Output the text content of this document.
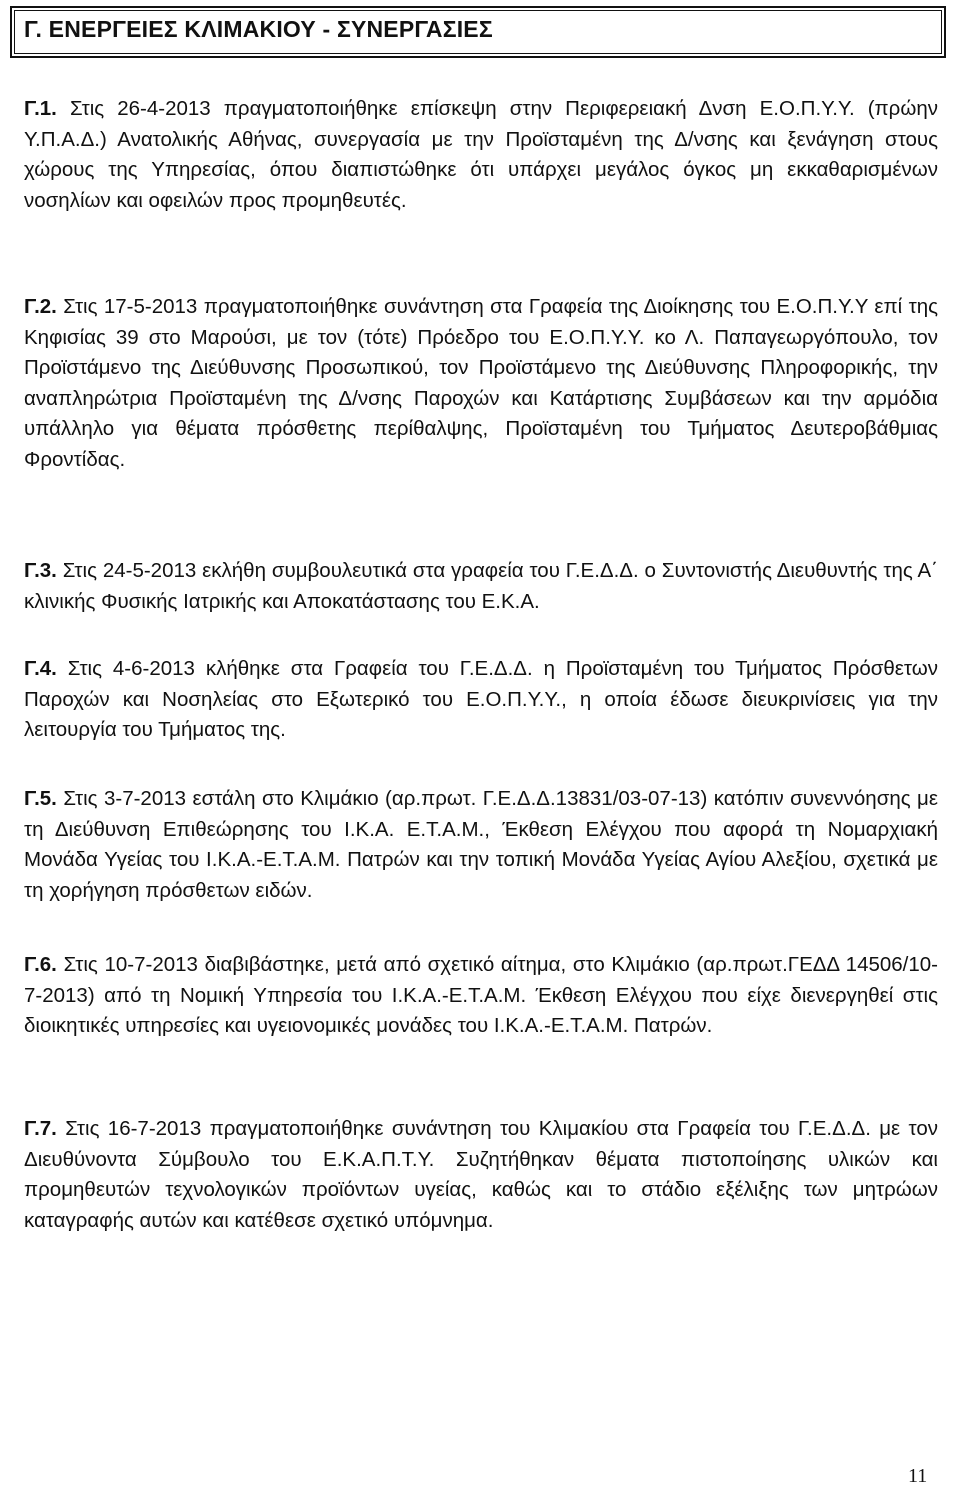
Γ. ΕΝΕΡΓΕΙΕΣ ΚΛΙΜΑΚΙΟΥ - ΣΥΝΕΡΓΑΣΙΕΣ
Γ.1. Στις 26-4-2013 πραγματοποιήθηκε επίσκεψη στην Περιφερειακή Δνση Ε.Ο.Π.Υ.Υ. (πρώην Υ.Π.Α.Δ.) Ανατολικής Αθήνας, συνεργασία με την Προϊσταμένη της Δ/νσης και ξενάγηση στους χώρους της Υπηρεσίας, όπου διαπιστώθηκε ότι υπάρχει μεγάλος όγκος μη εκκαθαρισμένων νοσηλίων και οφειλών προς προμηθευτές.
Γ.2. Στις 17-5-2013 πραγματοποιήθηκε συνάντηση στα Γραφεία της Διοίκησης του Ε.Ο.Π.Υ.Υ επί της Κηφισίας 39 στο Μαρούσι, με τον (τότε) Πρόεδρο του Ε.Ο.Π.Υ.Υ. κο Λ. Παπαγεωργόπουλο, τον Προϊστάμενο της Διεύθυνσης Προσωπικού, τον Προϊστάμενο της Διεύθυνσης Πληροφορικής, την αναπληρώτρια Προϊσταμένη της Δ/νσης Παροχών και Κατάρτισης Συμβάσεων και την αρμόδια υπάλληλο για θέματα πρόσθετης περίθαλψης, Προϊσταμένη του Τμήματος Δευτεροβάθμιας Φροντίδας.
Γ.3. Στις 24-5-2013 εκλήθη συμβουλευτικά στα γραφεία του Γ.Ε.Δ.Δ. ο Συντονιστής Διευθυντής της Α΄ κλινικής Φυσικής Ιατρικής και Αποκατάστασης του Ε.Κ.Α.
Γ.4. Στις 4-6-2013 κλήθηκε στα Γραφεία του Γ.Ε.Δ.Δ. η Προϊσταμένη του Τμήματος Πρόσθετων Παροχών και Νοσηλείας στο Εξωτερικό του Ε.Ο.Π.Υ.Υ., η οποία έδωσε διευκρινίσεις για την λειτουργία του Τμήματος της.
Γ.5. Στις 3-7-2013 εστάλη στο Κλιμάκιο (αρ.πρωτ. Γ.Ε.Δ.Δ.13831/03-07-13) κατόπιν συνεννόησης με τη Διεύθυνση Επιθεώρησης του Ι.Κ.Α. Ε.Τ.Α.Μ., Έκθεση Ελέγχου που αφορά τη Νομαρχιακή Μονάδα Υγείας του Ι.Κ.Α.-Ε.Τ.Α.Μ. Πατρών και την τοπική Μονάδα Υγείας Αγίου Αλεξίου, σχετικά με τη χορήγηση πρόσθετων ειδών.
Γ.6. Στις 10-7-2013 διαβιβάστηκε, μετά από σχετικό αίτημα, στο Κλιμάκιο (αρ.πρωτ.ΓΕΔΔ 14506/10-7-2013) από τη Νομική Υπηρεσία του Ι.Κ.Α.-Ε.Τ.Α.Μ. Έκθεση Ελέγχου που είχε διενεργηθεί στις διοικητικές υπηρεσίες και υγειονομικές μονάδες του Ι.Κ.Α.-Ε.Τ.Α.Μ. Πατρών.
Γ.7. Στις 16-7-2013 πραγματοποιήθηκε συνάντηση του Κλιμακίου στα Γραφεία του Γ.Ε.Δ.Δ. με τον Διευθύνοντα Σύμβουλο του Ε.Κ.Α.Π.Τ.Υ. Συζητήθηκαν θέματα πιστοποίησης υλικών και προμηθευτών τεχνολογικών προϊόντων υγείας, καθώς και το στάδιο εξέλιξης των μητρώων καταγραφής αυτών και κατέθεσε σχετικό υπόμνημα.
11
